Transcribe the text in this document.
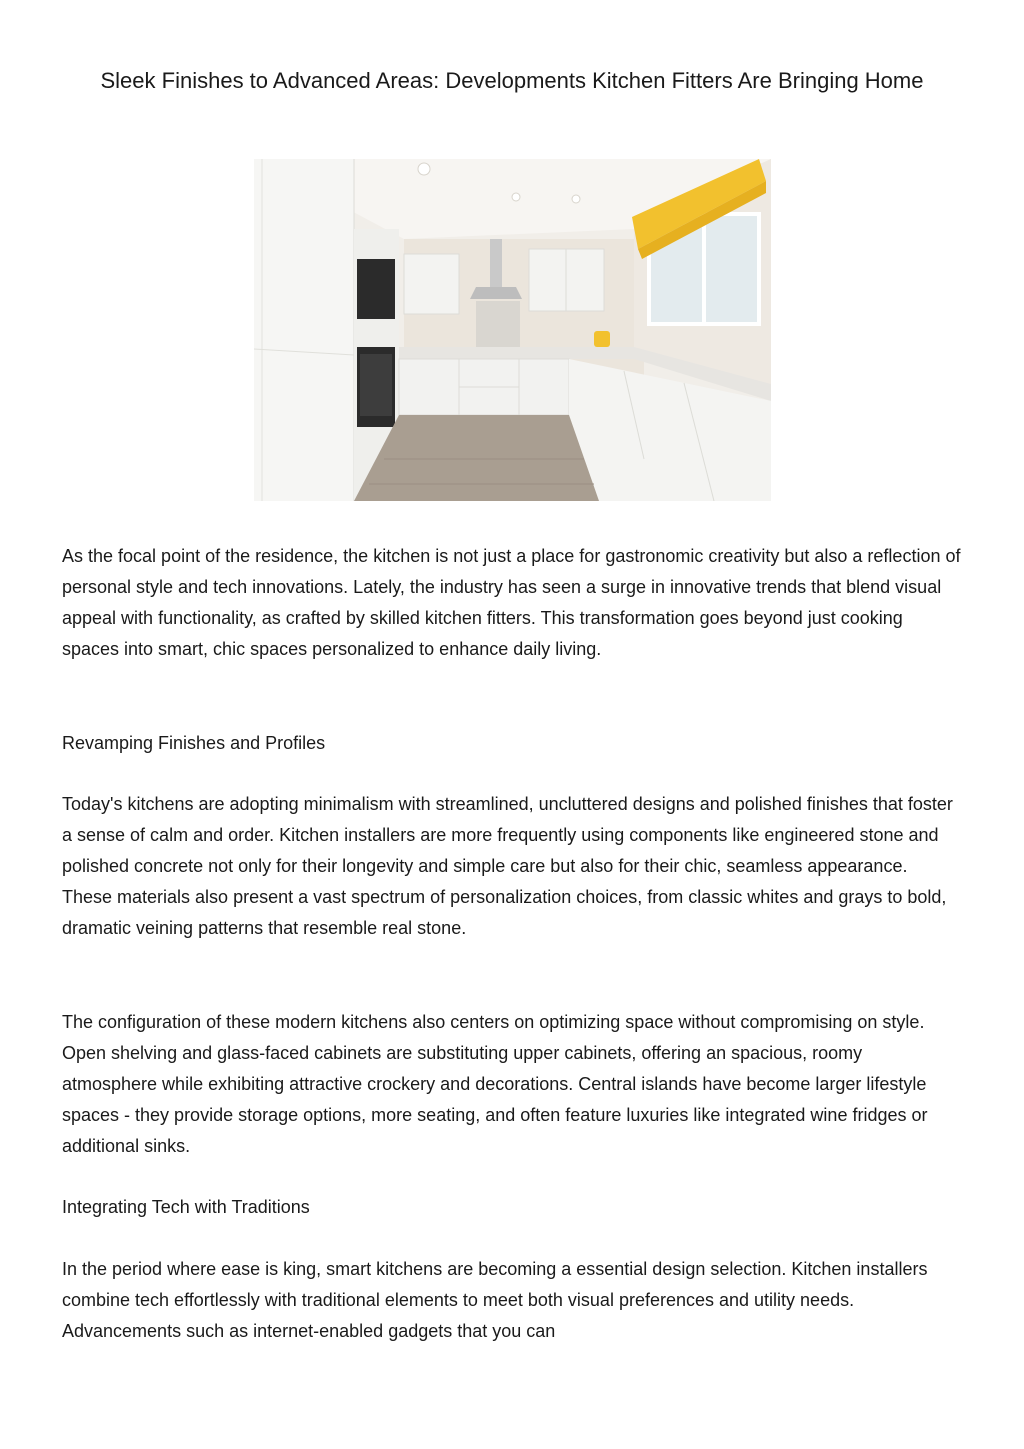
Sleek Finishes to Advanced Areas: Developments Kitchen Fitters Are Bringing Home

As the focal point of the residence, the kitchen is not just a place for gastronomic creativity but also a reflection of personal style and tech innovations. Lately, the industry has seen a surge in innovative trends that blend visual appeal with functionality, as crafted by skilled kitchen fitters. This transformation goes beyond just cooking spaces into smart, chic spaces personalized to enhance daily living.

Revamping Finishes and Profiles

Today's kitchens are adopting minimalism with streamlined, uncluttered designs and polished finishes that foster a sense of calm and order. Kitchen installers are more frequently using components like engineered stone and polished concrete not only for their longevity and simple care but also for their chic, seamless appearance. These materials also present a vast spectrum of personalization choices, from classic whites and grays to bold, dramatic veining patterns that resemble real stone.

The configuration of these modern kitchens also centers on optimizing space without compromising on style. Open shelving and glass-faced cabinets are substituting upper cabinets, offering an spacious, roomy atmosphere while exhibiting attractive crockery and decorations. Central islands have become larger lifestyle spaces - they provide storage options, more seating, and often feature luxuries like integrated wine fridges or additional sinks.

Integrating Tech with Traditions

In the period where ease is king, smart kitchens are becoming a essential design selection. Kitchen installers combine tech effortlessly with traditional elements to meet both visual preferences and utility needs. Advancements such as internet-enabled gadgets that you can
